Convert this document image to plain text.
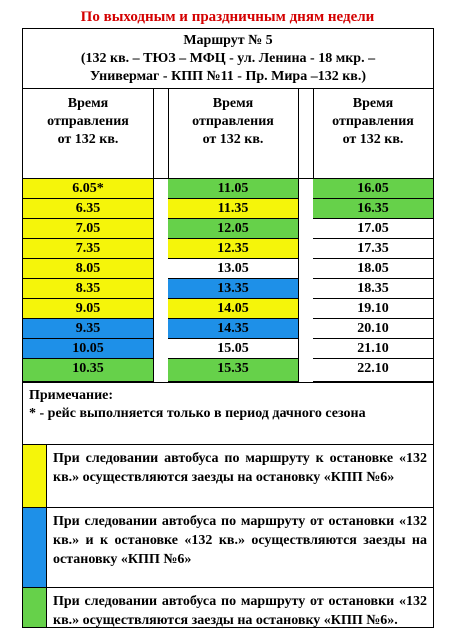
По выходным и праздничным дням недели
Маршрут № 5
(132 кв. – ТЮЗ – МФЦ - ул. Ленина - 18 мкр. –
Универмаг - КПП №11 - Пр. Мира –132 кв.)
Время
отправления
от 132 кв.
Время
отправления
от 132 кв.
Время
отправления
от 132 кв.
6.05*
6.35
7.05
7.35
8.05
8.35
9.05
9.35
10.05
10.35
11.05
11.35
12.05
12.35
13.05
13.35
14.05
14.35
15.05
15.35
16.05
16.35
17.05
17.35
18.05
18.35
19.10
20.10
21.10
22.10
Примечание:
* - рейс выполняется только в период дачного сезона
При следовании автобуса по маршруту к остановке «132 кв.» осуществляются заезды на остановку «КПП №6»
При следовании автобуса по маршруту от остановки «132 кв.» и к остановке «132 кв.» осуществляются заезды на остановку «КПП №6»
При следовании автобуса по маршруту от остановки «132 кв.» осуществляются заезды на остановку «КПП №6».
